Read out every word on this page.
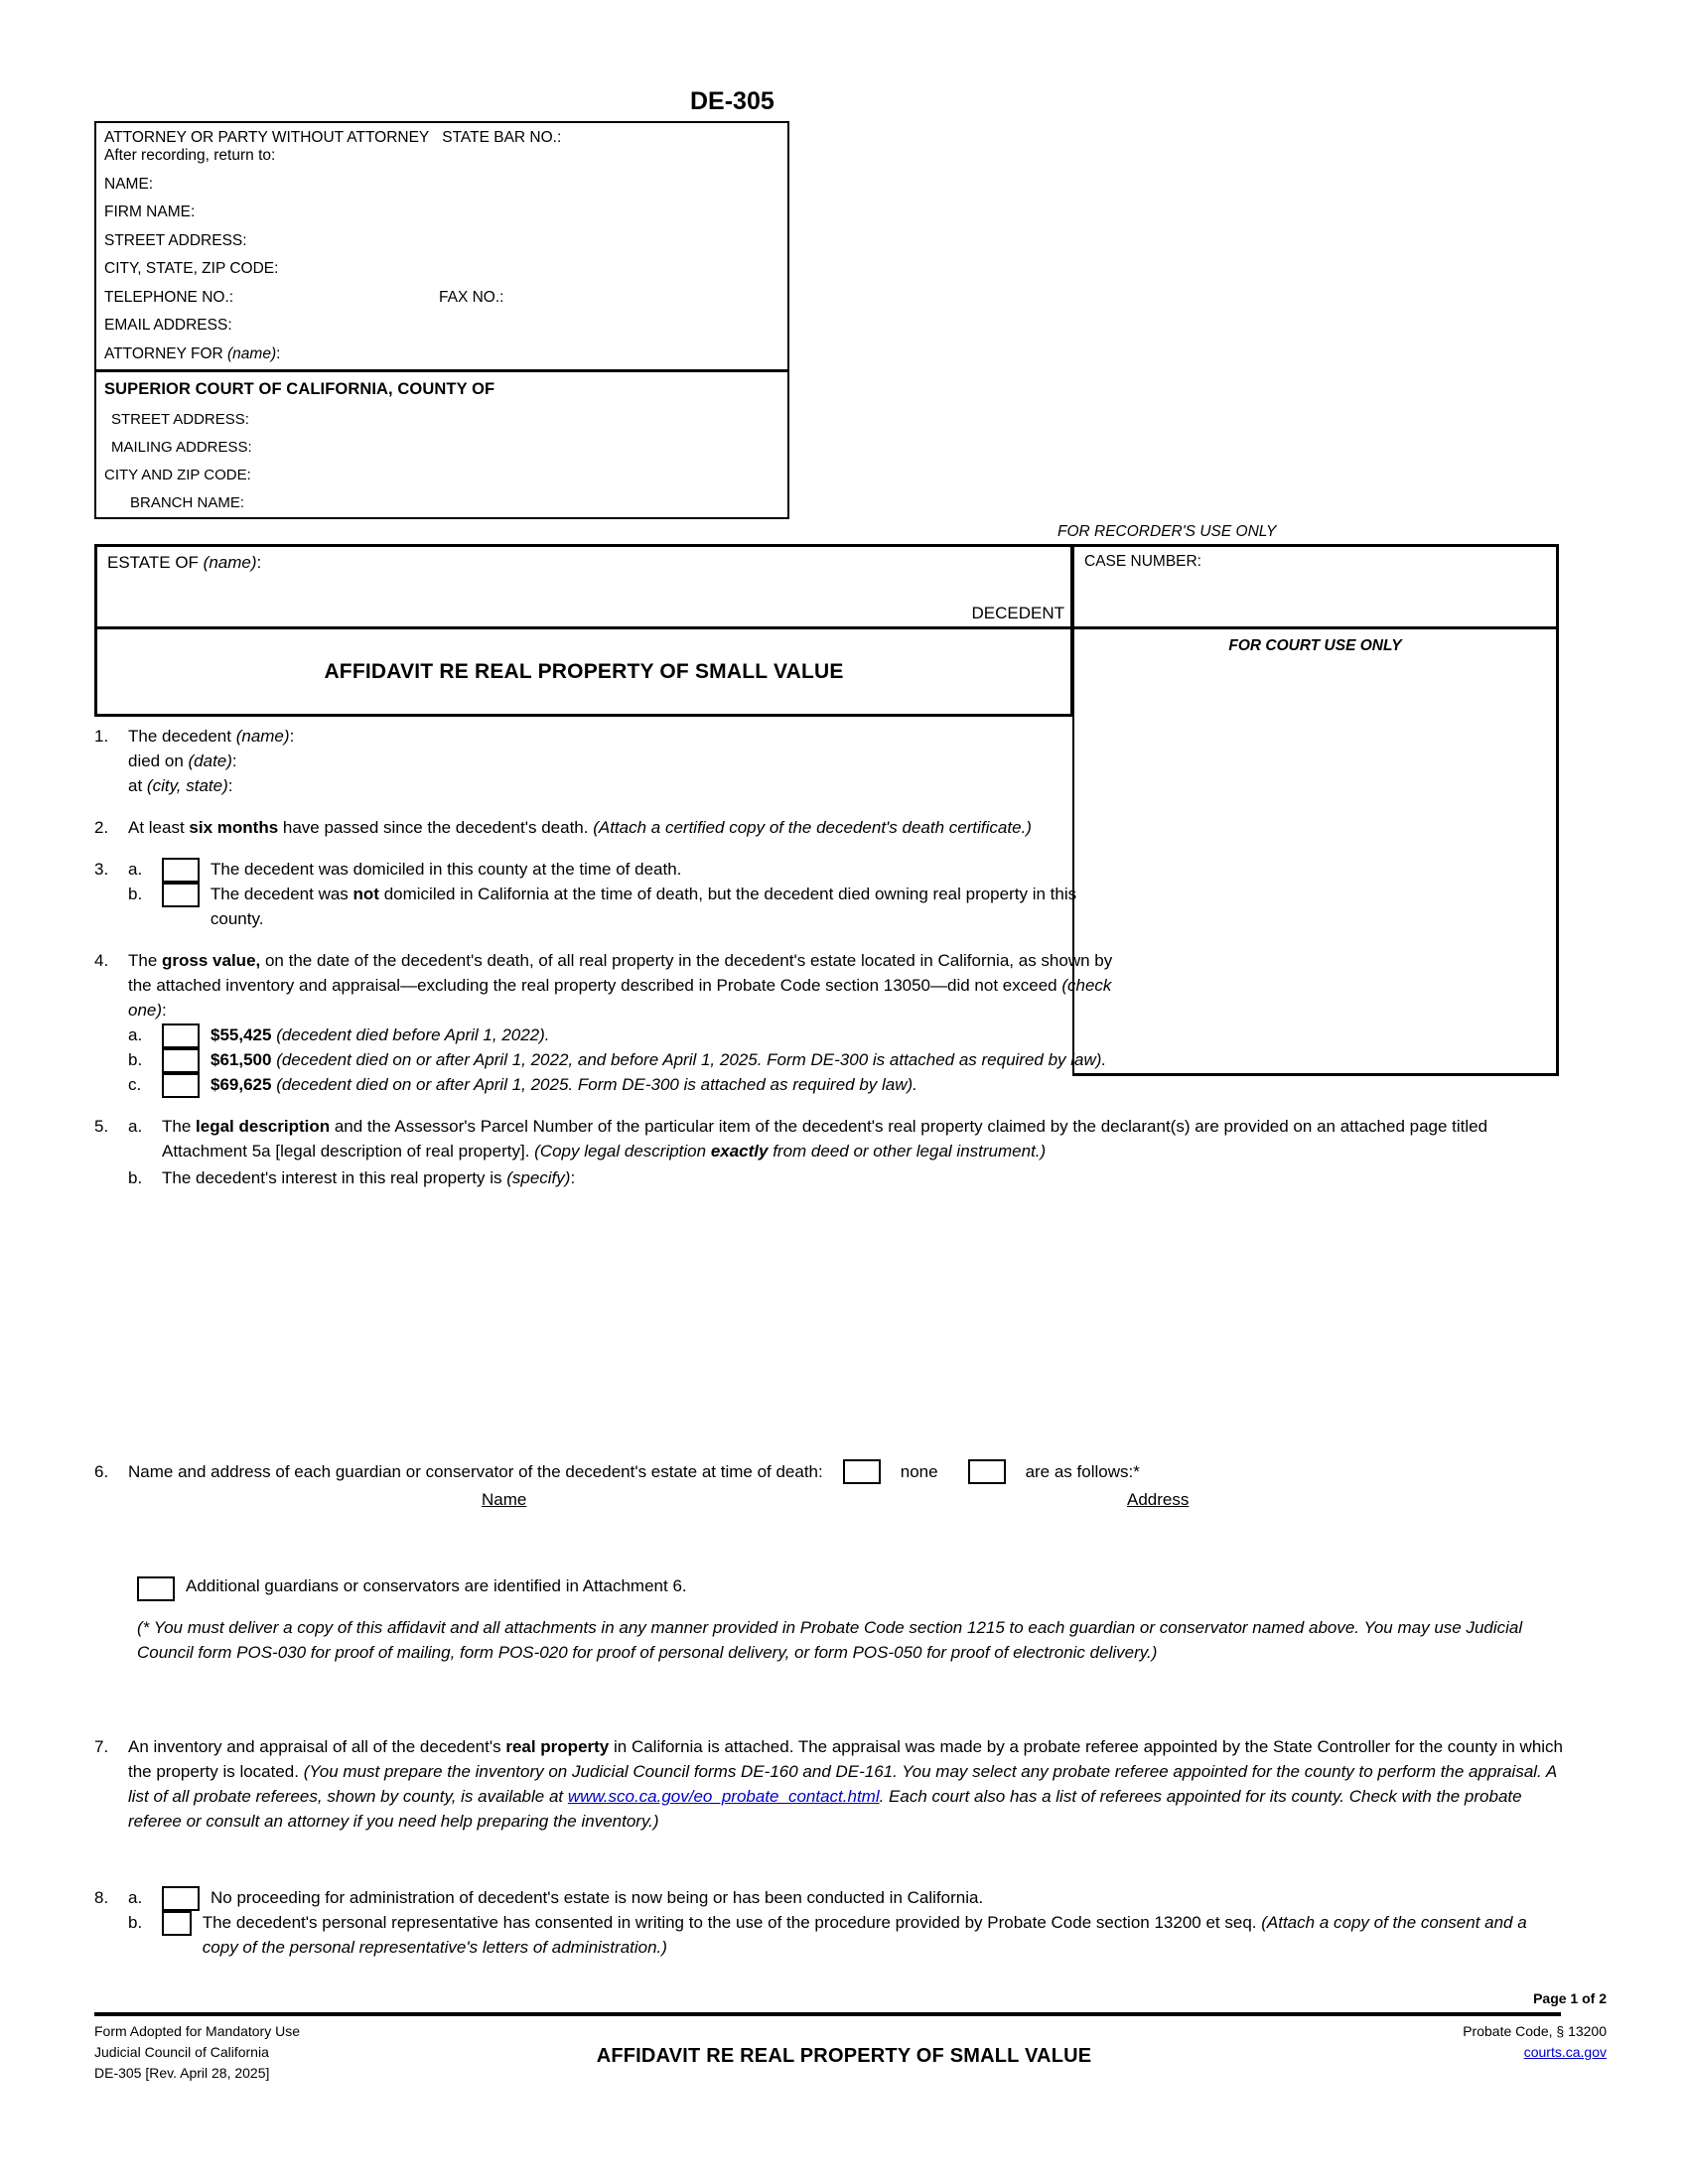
DE-305
ATTORNEY OR PARTY WITHOUT ATTORNEY STATE BAR NO.:
After recording, return to:
NAME:
FIRM NAME:
STREET ADDRESS:
CITY, STATE, ZIP CODE:
TELEPHONE NO.:	FAX NO.:
EMAIL ADDRESS:
ATTORNEY FOR (name):
SUPERIOR COURT OF CALIFORNIA, COUNTY OF
STREET ADDRESS:
MAILING ADDRESS:
CITY AND ZIP CODE:
BRANCH NAME:
FOR RECORDER'S USE ONLY
ESTATE OF (name):
DECEDENT
AFFIDAVIT RE REAL PROPERTY OF SMALL VALUE
CASE NUMBER:
FOR COURT USE ONLY
1.	The decedent (name):
died on (date):
at (city, state):
2.	At least six months have passed since the decedent's death. (Attach a certified copy of the decedent's death certificate.)
3.	a.	The decedent was domiciled in this county at the time of death.
b.	The decedent was not domiciled in California at the time of death, but the decedent died owning real property in this county.
4.	The gross value, on the date of the decedent's death, of all real property in the decedent's estate located in California, as shown by the attached inventory and appraisal—excluding the real property described in Probate Code section 13050—did not exceed (check one):
a.	$55,425 (decedent died before April 1, 2022).
b.	$61,500 (decedent died on or after April 1, 2022, and before April 1, 2025. Form DE-300 is attached as required by law).
c.	$69,625 (decedent died on or after April 1, 2025. Form DE-300 is attached as required by law).
5.	a.	The legal description and the Assessor's Parcel Number of the particular item of the decedent's real property claimed by the declarant(s) are provided on an attached page titled Attachment 5a [legal description of real property]. (Copy legal description exactly from deed or other legal instrument.)
b.	The decedent's interest in this real property is (specify):
6.	Name and address of each guardian or conservator of the decedent's estate at time of death:	none	are as follows:*
Name	Address
Additional guardians or conservators are identified in Attachment 6.
(* You must deliver a copy of this affidavit and all attachments in any manner provided in Probate Code section 1215 to each guardian or conservator named above. You may use Judicial Council form POS-030 for proof of mailing, form POS-020 for proof of personal delivery, or form POS-050 for proof of electronic delivery.)
7.	An inventory and appraisal of all of the decedent's real property in California is attached. The appraisal was made by a probate referee appointed by the State Controller for the county in which the property is located. (You must prepare the inventory on Judicial Council forms DE-160 and DE-161. You may select any probate referee appointed for the county to perform the appraisal. A list of all probate referees, shown by county, is available at www.sco.ca.gov/eo_probate_contact.html. Each court also has a list of referees appointed for its county. Check with the probate referee or consult an attorney if you need help preparing the inventory.)
8.	a.	No proceeding for administration of decedent's estate is now being or has been conducted in California.
b.	The decedent's personal representative has consented in writing to the use of the procedure provided by Probate Code section 13200 et seq. (Attach a copy of the consent and a copy of the personal representative's letters of administration.)
Page 1 of 2
Form Adopted for Mandatory Use
Judicial Council of California
DE-305 [Rev. April 28, 2025]
AFFIDAVIT RE REAL PROPERTY OF SMALL VALUE
Probate Code, § 13200
courts.ca.gov
